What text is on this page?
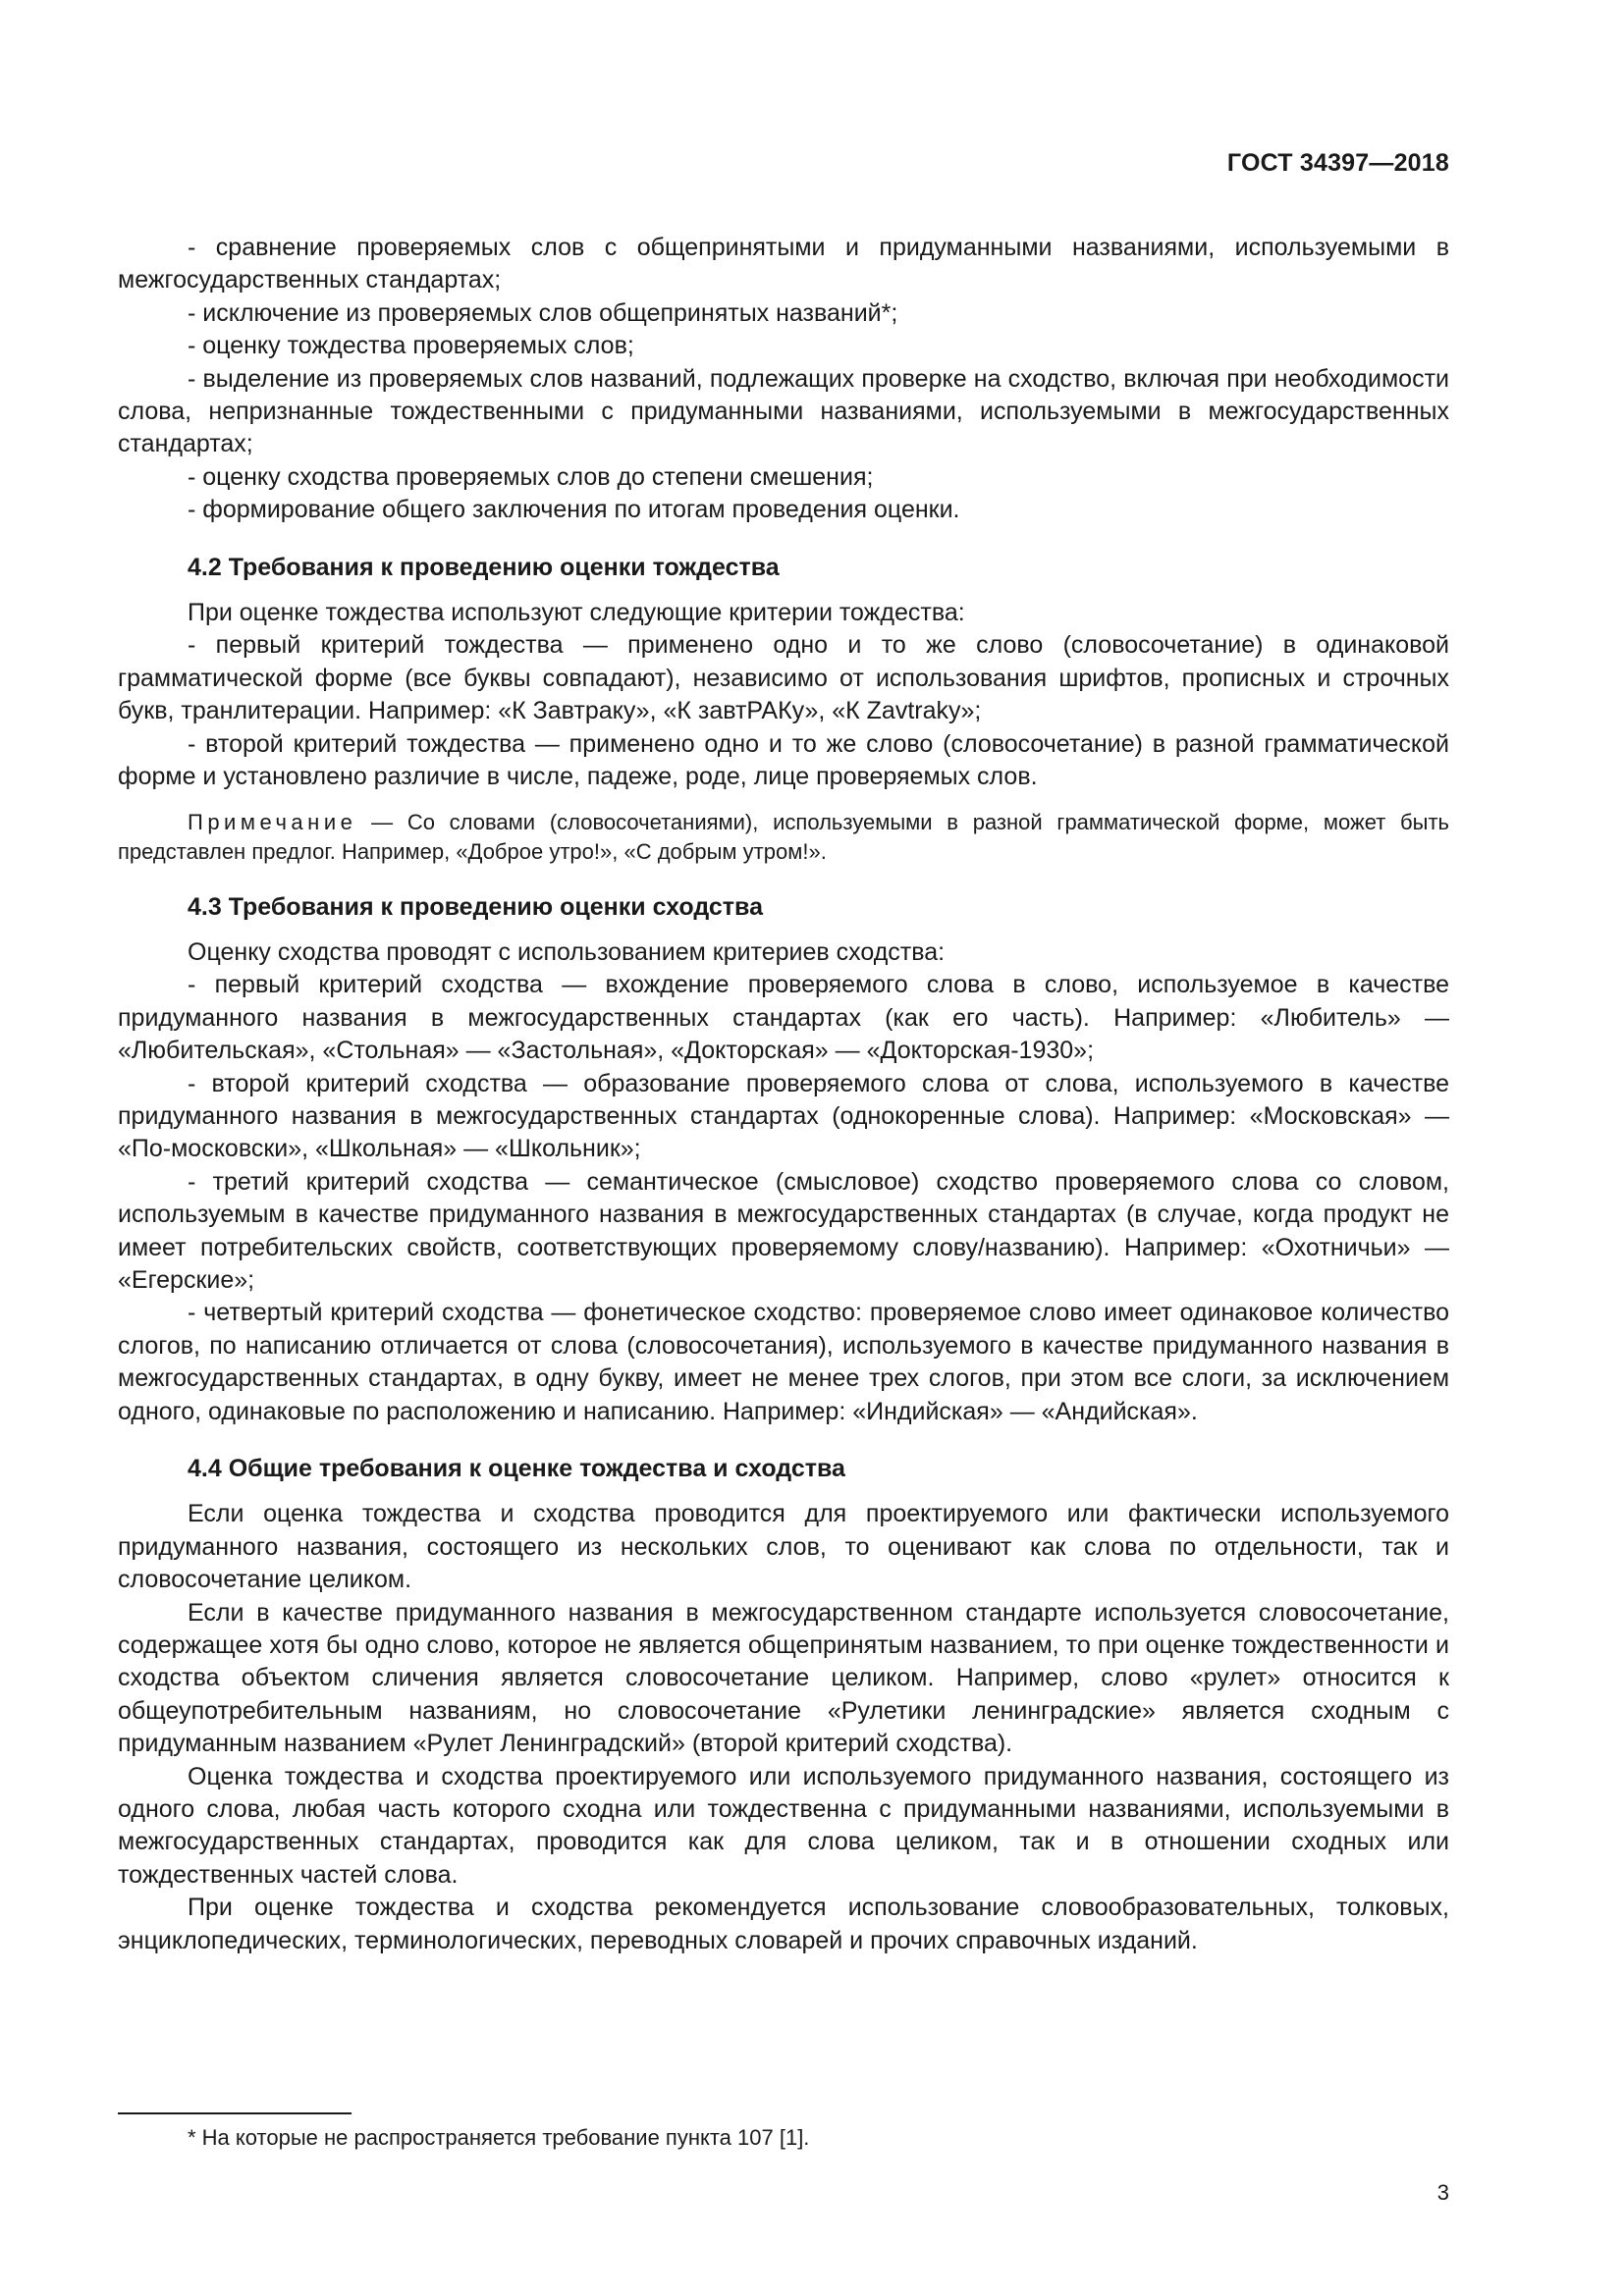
ГОСТ 34397—2018

- сравнение проверяемых слов с общепринятыми и придуманными названиями, используемыми в межгосударственных стандартах;

- исключение из проверяемых слов общепринятых названий*;

- оценку тождества проверяемых слов;

- выделение из проверяемых слов названий, подлежащих проверке на сходство, включая при необходимости слова, непризнанные тождественными с придуманными названиями, используемыми в межгосударственных стандартах;

- оценку сходства проверяемых слов до степени смешения;

- формирование общего заключения по итогам проведения оценки.

4.2 Требования к проведению оценки тождества

При оценке тождества используют следующие критерии тождества:

- первый критерий тождества — применено одно и то же слово (словосочетание) в одинаковой грамматической форме (все буквы совпадают), независимо от использования шрифтов, прописных и строчных букв, транлитерации. Например: «К Завтраку», «К завтРАКу», «К Zavtraky»;

- второй критерий тождества — применено одно и то же слово (словосочетание) в разной грамматической форме и установлено различие в числе, падеже, роде, лице проверяемых слов.

Примечание — Со словами (словосочетаниями), используемыми в разной грамматической форме, может быть представлен предлог. Например, «Доброе утро!», «С добрым утром!».

4.3 Требования к проведению оценки сходства

Оценку сходства проводят с использованием критериев сходства:

- первый критерий сходства — вхождение проверяемого слова в слово, используемое в качестве придуманного названия в межгосударственных стандартах (как его часть). Например: «Любитель» — «Любительская», «Стольная» — «Застольная», «Докторская» — «Докторская-1930»;

- второй критерий сходства — образование проверяемого слова от слова, используемого в качестве придуманного названия в межгосударственных стандартах (однокоренные слова). Например: «Московская» — «По-московски», «Школьная» — «Школьник»;

- третий критерий сходства — семантическое (смысловое) сходство проверяемого слова со словом, используемым в качестве придуманного названия в межгосударственных стандартах (в случае, когда продукт не имеет потребительских свойств, соответствующих проверяемому слову/названию). Например: «Охотничьи» — «Егерские»;

- четвертый критерий сходства — фонетическое сходство: проверяемое слово имеет одинаковое количество слогов, по написанию отличается от слова (словосочетания), используемого в качестве придуманного названия в межгосударственных стандартах, в одну букву, имеет не менее трех слогов, при этом все слоги, за исключением одного, одинаковые по расположению и написанию. Например: «Индийская» — «Андийская».

4.4 Общие требования к оценке тождества и сходства

Если оценка тождества и сходства проводится для проектируемого или фактически используемого придуманного названия, состоящего из нескольких слов, то оценивают как слова по отдельности, так и словосочетание целиком.

Если в качестве придуманного названия в межгосударственном стандарте используется словосочетание, содержащее хотя бы одно слово, которое не является общепринятым названием, то при оценке тождественности и сходства объектом сличения является словосочетание целиком. Например, слово «рулет» относится к общеупотребительным названиям, но словосочетание «Рулетики ленинградские» является сходным с придуманным названием «Рулет Ленинградский» (второй критерий сходства).

Оценка тождества и сходства проектируемого или используемого придуманного названия, состоящего из одного слова, любая часть которого сходна или тождественна с придуманными названиями, используемыми в межгосударственных стандартах, проводится как для слова целиком, так и в отношении сходных или тождественных частей слова.

При оценке тождества и сходства рекомендуется использование словообразовательных, толковых, энциклопедических, терминологических, переводных словарей и прочих справочных изданий.

* На которые не распространяется требование пункта 107 [1].
3
